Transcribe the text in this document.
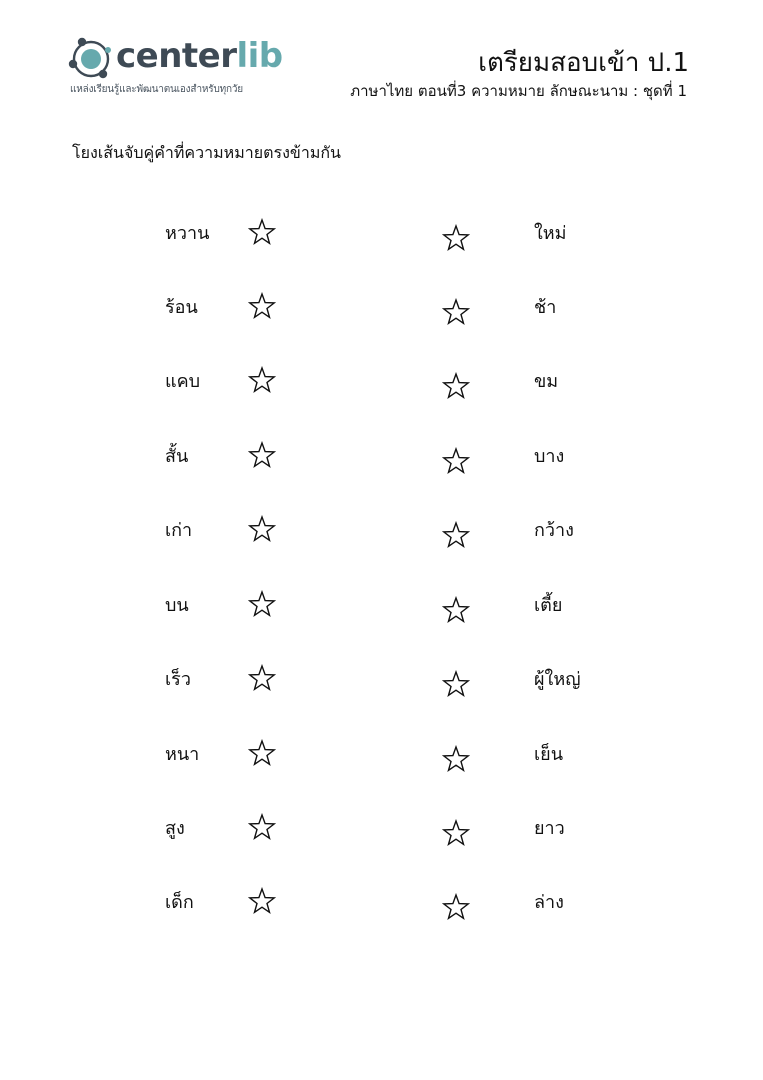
centerlib
แหล่งเรียนรู้และพัฒนาตนเองสำหรับทุกวัย
เตรียมสอบเข้า ป.1
ภาษาไทย ตอนที่3 ความหมาย ลักษณะนาม : ชุดที่ 1
โยงเส้นจับคู่คำที่ความหมายตรงข้ามกัน
หวาน	ใหม่
ร้อน	ช้า
แคบ	ขม
สั้น	บาง
เก่า	กว้าง
บน	เตี้ย
เร็ว	ผู้ใหญ่
หนา	เย็น
สูง	ยาว
เด็ก	ล่าง
